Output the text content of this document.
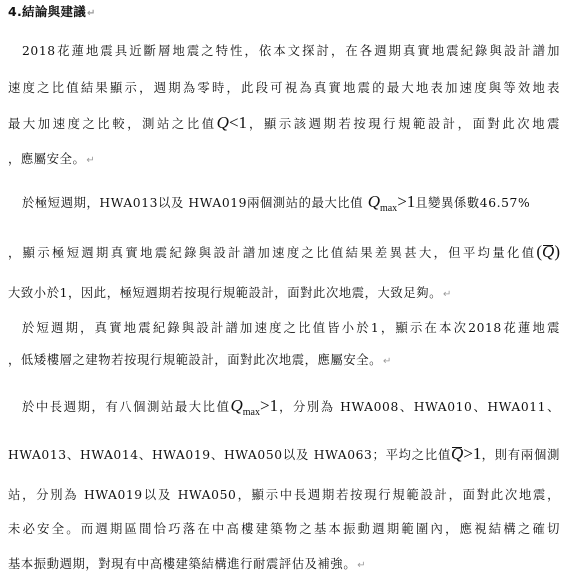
4.結論與建議↵
2018花蓮地震具近斷層地震之特性，依本文探討，在各週期真實地震紀錄與設計譜加
速度之比值結果顯示，週期為零時，此段可視為真實地震的最大地表加速度與等效地表
最大加速度之比較，測站之比值Q<1，顯示該週期若按現行規範設計，面對此次地震
，應屬安全。↵
於極短週期，HWA013以及 HWA019兩個測站的最大比值 $Q_{max}>1$且變異係數46.57%
，顯示極短週期真實地震紀錄與設計譜加速度之比值結果差異甚大，但平均量化值(Q)
大致小於1，因此，極短週期若按現行規範設計，面對此次地震，大致足夠。↵
於短週期，真實地震紀錄與設計譜加速度之比值皆小於1，顯示在本次2018花蓮地震
，低矮樓層之建物若按現行規範設計，面對此次地震，應屬安全。↵
於中長週期，有八個測站最大比值$Q_{max}>1$，分別為 HWA008、HWA010、HWA011、
HWA013、HWA014、HWA019、HWA050以及 HWA063；平均之比值Q>1，則有兩個測
站，分別為 HWA019以及 HWA050，顯示中長週期若按現行規範設計，面對此次地震，
未必安全。而週期區間恰巧落在中高樓建築物之基本振動週期範圍內，應視結構之確切
基本振動週期，對現有中高樓建築結構進行耐震評估及補強。↵
